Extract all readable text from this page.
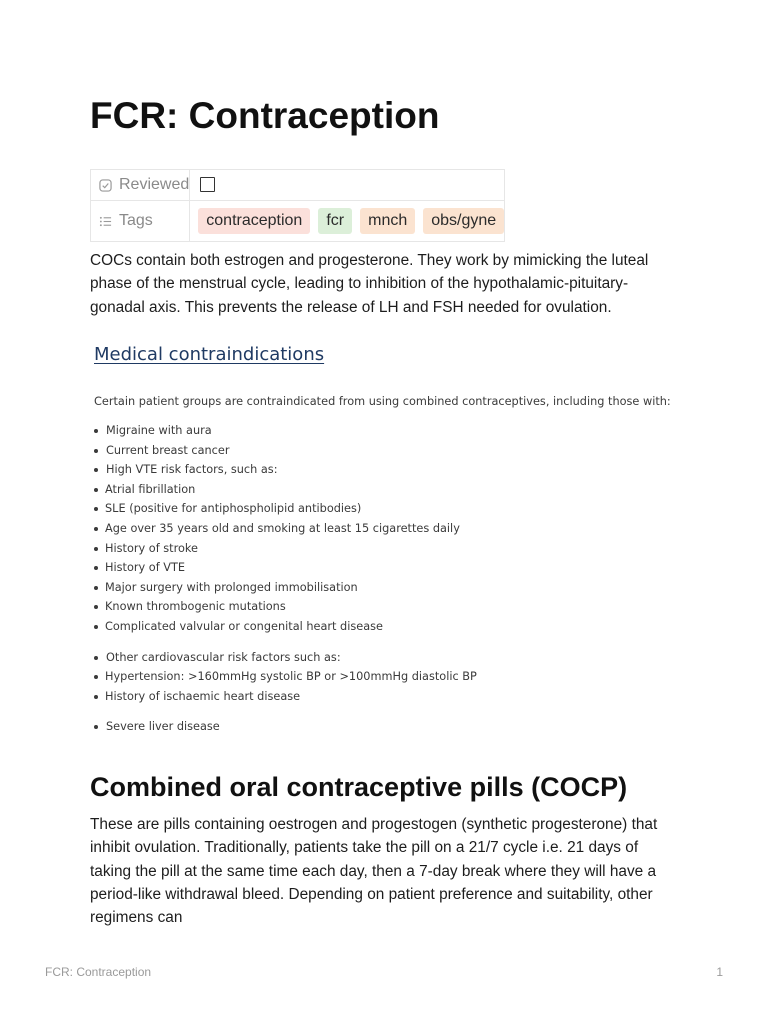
FCR: Contraception
Reviewed	

Tags	contraception fcr mnch obs/gyne

COCs contain both estrogen and progesterone. They work by mimicking the luteal phase of the menstrual cycle, leading to inhibition of the hypothalamic-pituitary-gonadal axis. This prevents the release of LH and FSH needed for ovulation.

Medical contraindications

Certain patient groups are contraindicated from using combined contraceptives, including those with:

Migraine with aura
Current breast cancer
High VTE risk factors, such as:
Atrial fibrillation
SLE (positive for antiphospholipid antibodies)
Age over 35 years old and smoking at least 15 cigarettes daily
History of stroke
History of VTE
Major surgery with prolonged immobilisation
Known thrombogenic mutations
Complicated valvular or congenital heart disease
Other cardiovascular risk factors such as:
Hypertension: >160mmHg systolic BP or >100mmHg diastolic BP
History of ischaemic heart disease
Severe liver disease
Combined oral contraceptive pills (COCP)

These are pills containing oestrogen and progestogen (synthetic progesterone) that inhibit ovulation. Traditionally, patients take the pill on a 21/7 cycle i.e. 21 days of taking the pill at the same time each day, then a 7-day break where they will have a period-like withdrawal bleed. Depending on patient preference and suitability, other regimens can

FCR: Contraception	1
